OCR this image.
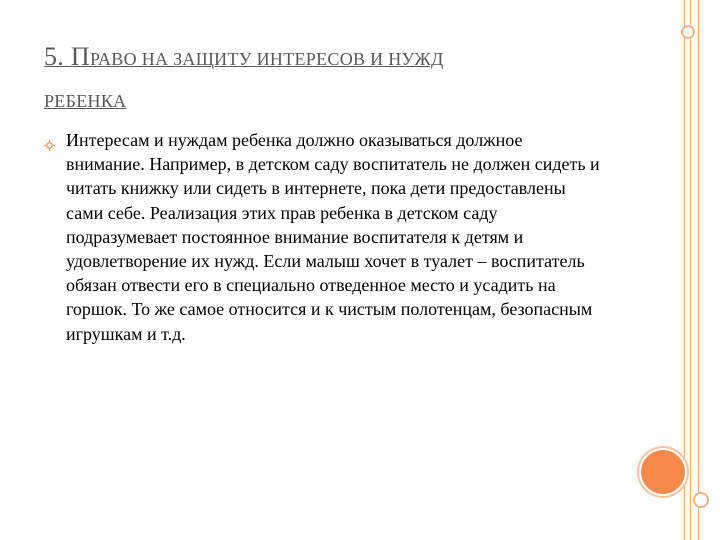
5. ПРАВО НА ЗАЩИТУ ИНТЕРЕСОВ И НУЖД
РЕБЕНКА
Интересам и нуждам ребенка должно оказываться должное внимание. Например, в детском саду воспитатель не должен сидеть и читать книжку или сидеть в интернете, пока дети предоставлены сами себе. Реализация этих прав ребенка в детском саду подразумевает постоянное внимание воспитателя к детям и удовлетворение их нужд. Если малыш хочет в туалет – воспитатель обязан отвести его в специально отведенное место и усадить на горшок. То же самое относится и к чистым полотенцам, безопасным игрушкам и т.д.
